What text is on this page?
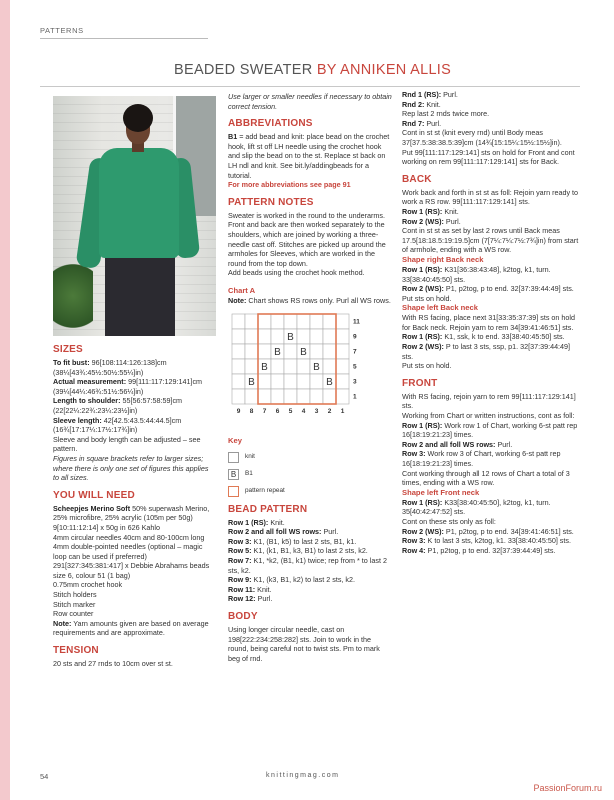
PATTERNS
BEADED SWEATER BY ANNIKEN ALLIS
SIZES

To fit bust: 96[108:114:126:138]cm (38¼[43¾:45½:50½:55¼]in)

Actual measurement: 99[111:117:129:141]cm (39¼[44¼:46¾:51½:56¼]in)

Length to shoulder: 55[56:57:58:59]cm (22[22¼:22¾:23¼:23½]in)

Sleeve length: 42[42.5:43.5:44:44.5]cm (16¾[17:17¼:17½:17¾]in)

Sleeve and body length can be adjusted – see pattern.

Figures in square brackets refer to larger sizes; where there is only one set of figures this applies to all sizes.

YOU WILL NEED

Scheepjes Merino Soft 50% superwash Merino, 25% microfibre, 25% acrylic (105m per 50g) 9[10:11:12:14] x 50g in 626 Kahlo

4mm circular needles 40cm and 80-100cm long

4mm double-pointed needles (optional – magic loop can be used if preferred)

291[327:345:381:417] x Debbie Abrahams beads size 6, colour 51 (1 bag)

0.75mm crochet hook

Stitch holders

Stitch marker

Row counter

Note: Yarn amounts given are based on average requirements and are approximate.

TENSION

20 sts and 27 rnds to 10cm over st st.

Use larger or smaller needles if necessary to obtain correct tension.

ABBREVIATIONS

B1 = add bead and knit: place bead on the crochet hook, lift st off LH needle using the crochet hook and slip the bead on to the st. Replace st back on LH ndl and knit. See bit.ly/addingbeads for a tutorial.

For more abbreviations see page 91

PATTERN NOTES

Sweater is worked in the round to the underarms. Front and back are then worked separately to the shoulders, which are joined by working a three-needle cast off. Stitches are picked up around the armholes for Sleeves, which are worked in the round from the top down.

Add beads using the crochet hook method.

Chart A

Note: Chart shows RS rows only. Purl all WS rows.

B
B B
B	B
B	B
9 8 7 6 5 4 3 2 1
11
9
7
5
3
1

Key

knit
B	B1
pattern repeat
BEAD PATTERN

Row 1 (RS): Knit.

Row 2 and all foll WS rows: Purl.

Row 3: K1, (B1, k5) to last 2 sts, B1, k1.

Row 5: K1, (k1, B1, k3, B1) to last 2 sts, k2.

Row 7: K1, *k2, (B1, k1) twice; rep from * to last 2 sts, k2.

Row 9: K1, (k3, B1, k2) to last 2 sts, k2.

Row 11: Knit.

Row 12: Purl.

BODY

Using longer circular needle, cast on 198[222:234:258:282] sts. Join to work in the round, being careful not to twist sts. Pm to mark beg of rnd.

Rnd 1 (RS): Purl.

Rnd 2: Knit.

Rep last 2 rnds twice more.

Rnd 7: Purl.

Cont in st st (knit every rnd) until Body meas 37[37.5:38:38.5:39]cm (14¾[15:15¼:15½:15½]in).

Put 99[111:117:129:141] sts on hold for Front and cont working on rem 99[111:117:129:141] sts for Back.

BACK

Work back and forth in st st as foll: Rejoin yarn ready to work a RS row. 99[111:117:129:141] sts.

Row 1 (RS): Knit.

Row 2 (WS): Purl.

Cont in st st as set by last 2 rows until Back meas 17.5[18:18.5:19:19.5]cm (7[7¼:7¼:7½:7¾]in) from start of armhole, ending with a WS row.

Shape right Back neck

Row 1 (RS): K31[36:38:43:48], k2tog, k1, turn. 33[38:40:45:50] sts.

Row 2 (WS): P1, p2tog, p to end. 32[37:39:44:49] sts.

Put sts on hold.

Shape left Back neck

With RS facing, place next 31[33:35:37:39] sts on hold for Back neck. Rejoin yarn to rem 34[39:41:46:51] sts.

Row 1 (RS): K1, ssk, k to end. 33[38:40:45:50] sts.

Row 2 (WS): P to last 3 sts, ssp, p1. 32[37:39:44:49] sts.

Put sts on hold.

FRONT

With RS facing, rejoin yarn to rem 99[111:117:129:141] sts.

Working from Chart or written instructions, cont as foll:

Row 1 (RS): Work row 1 of Chart, working 6-st patt rep 16[18:19:21:23] times.

Row 2 and all foll WS rows: Purl.

Row 3: Work row 3 of Chart, working 6-st patt rep 16[18:19:21:23] times.

Cont working through all 12 rows of Chart a total of 3 times, ending with a WS row.

Shape left Front neck

Row 1 (RS): K33[38:40:45:50], k2tog, k1, turn. 35[40:42:47:52] sts.

Cont on these sts only as foll:

Row 2 (WS): P1, p2tog, p to end. 34[39:41:46:51] sts.

Row 3: K to last 3 sts, k2tog, k1. 33[38:40:45:50] sts.

Row 4: P1, p2tog, p to end. 32[37:39:44:49] sts.

54	knittingmag.com
PassionForum.ru
